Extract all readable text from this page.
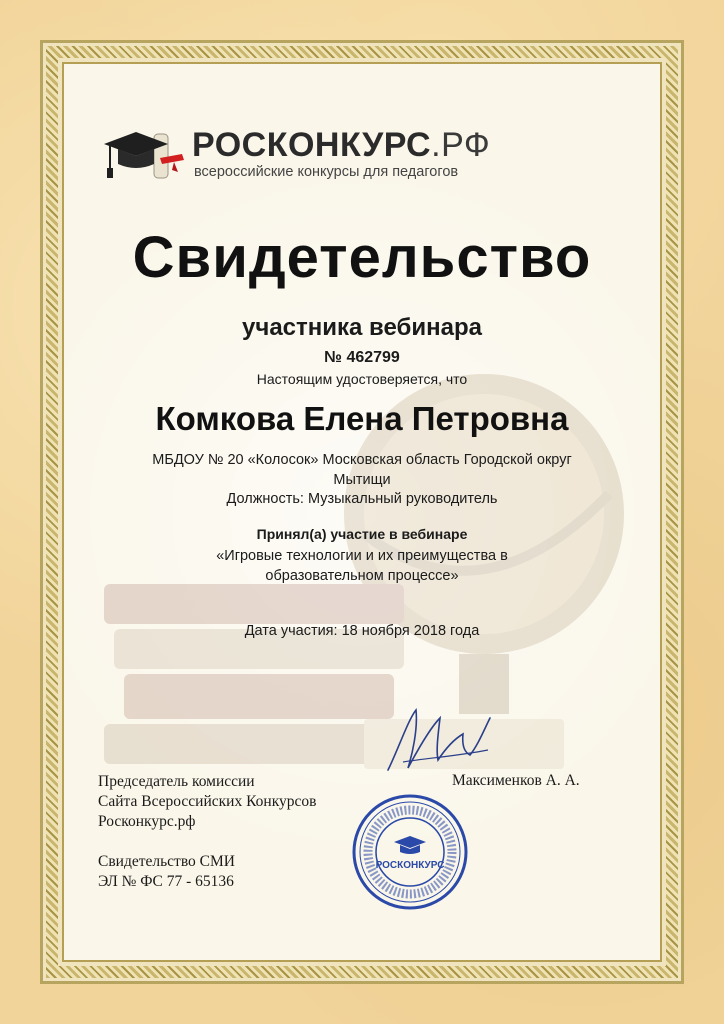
РОСКОНКУРС.РФ
всероссийские конкурсы для педагогов
Свидетельство
участника вебинара
№ 462799
Настоящим удостоверяется, что
Комкова Елена Петровна
МБДОУ № 20 «Колосок» Московская область Городской округ Мытищи
Должность: Музыкальный руководитель
Принял(а) участие в вебинаре
«Игровые технологии и их преимущества в образовательном процессе»
Дата участия: 18 ноября 2018 года
Председатель комиссии
Сайта Всероссийских Конкурсов
Росконкурс.рф
Максименков А. А.
Свидетельство СМИ
ЭЛ № ФС 77 - 65136
РОСКОНКУРС
